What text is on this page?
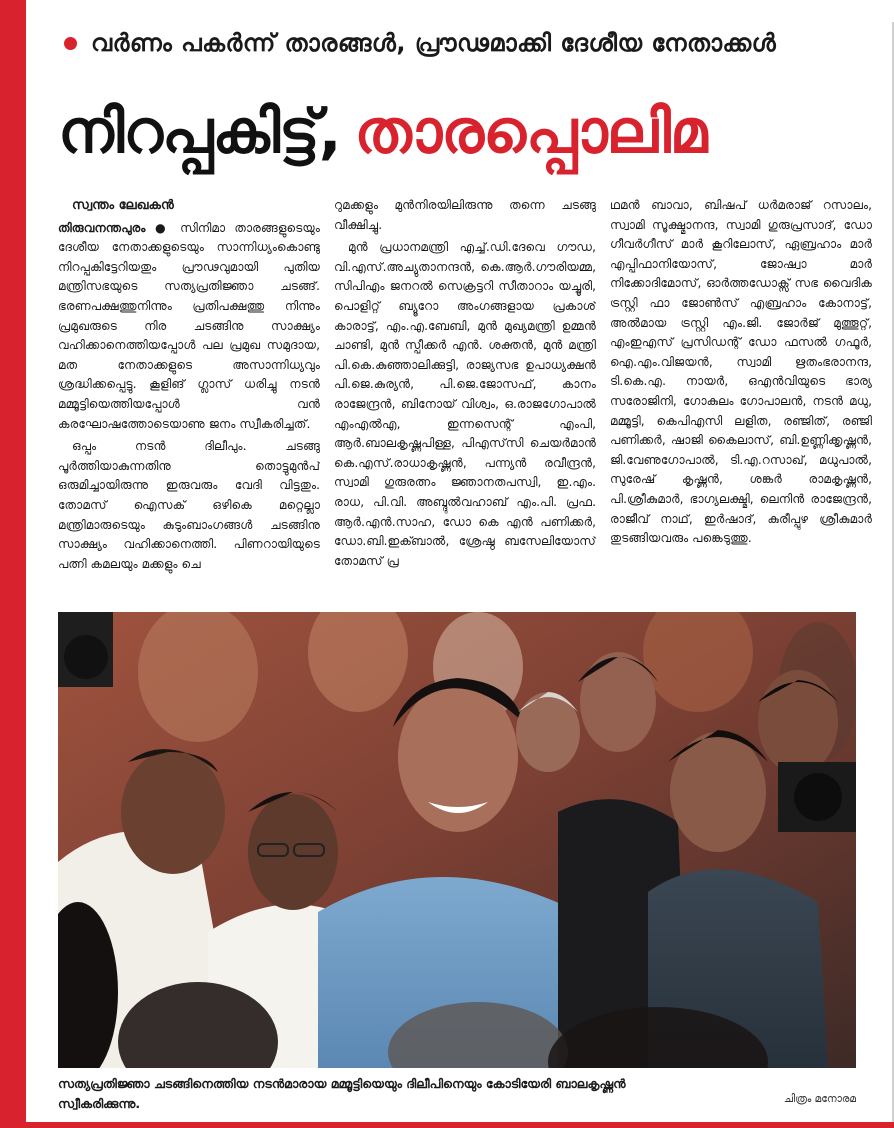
വർണം പകർന്ന് താരങ്ങൾ, പ്രൗഢമാക്കി ദേശീയ നേതാക്കൾ
നിറപ്പകിട്ട്, താരപ്പൊലിമ

സ്വന്തം ലേഖകൻ

തിരുവനന്തപുരം ● സിനിമാ താരങ്ങളുടെയും ദേശീയ നേതാക്കളുടെയും സാന്നിധ്യംകൊണ്ടു നിറപ്പകിട്ടേറിയതും പ്രൗഢവുമായി പുതിയ മന്ത്രിസഭയുടെ സത്യപ്രതിജ്ഞാ ചടങ്ങ്. ഭരണപക്ഷത്തുനിന്നും പ്രതിപക്ഷത്തു നിന്നും പ്രമുഖരുടെ നിര ചടങ്ങിനു സാക്ഷ്യം വഹിക്കാനെത്തിയപ്പോൾ പല പ്രമുഖ സമുദായ, മത നേതാക്കളുടെ അസാന്നിധ്യവും ശ്രദ്ധിക്കപ്പെട്ടു. കൂളിങ് ഗ്ലാസ് ധരിച്ചു നടൻ മമ്മൂട്ടിയെത്തിയപ്പോൾ വൻ കരഘോഷത്തോടെയാണു ജനം സ്വീകരിച്ചത്.

ഒപ്പം നടൻ ദിലീപും. ചടങ്ങു പൂർത്തിയാകുന്നതിനു തൊട്ടുമുൻപ് ഒരുമിച്ചായിരുന്നു ഇരുവരും വേദി വിട്ടതും. തോമസ് ഐസക് ഒഴികെ മറ്റെല്ലാ മന്ത്രിമാരുടെയും കുടുംബാംഗങ്ങൾ ചടങ്ങിനു സാക്ഷ്യം വഹിക്കാനെത്തി. പിണറായിയുടെ പത്നി കമലയും മക്കളും ചെ

റുമക്കളും മുൻനിരയിലിരുന്നു തന്നെ ചടങ്ങു വീക്ഷിച്ചു.

മുൻ പ്രധാനമന്ത്രി എച്ച്.ഡി.ദേവെ ഗൗഡ, വി.എസ്.അച്യുതാനന്ദൻ, കെ.ആർ.ഗൗരിയമ്മ, സിപിഎം ജനറൽ സെക്രട്ടറി സീതാറാം യച്ചൂരി, പൊളിറ്റ് ബ്യൂറോ അംഗങ്ങളായ പ്രകാശ് കാരാട്ട്, എം.എ.ബേബി, മുൻ മുഖ്യമന്ത്രി ഉമ്മൻ ചാണ്ടി, മുൻ സ്പീക്കർ എൻ. ശക്തൻ, മുൻ മന്ത്രി പി.കെ.കുഞ്ഞാലിക്കുട്ടി, രാജ്യസഭ ഉപാധ്യക്ഷൻ പി.ജെ.കുര്യൻ, പി.ജെ.ജോസഫ്, കാനം രാജേന്ദ്രൻ, ബിനോയ് വിശ്വം, ഒ.രാജഗോപാൽ എംഎൽഎ, ഇന്നസെന്റ് എംപി, ആർ.ബാലകൃഷ്ണപിള്ള, പിഎസ്‌സി ചെയർമാൻ കെ.എസ്.രാധാകൃഷ്ണൻ, പന്ന്യൻ രവീന്ദ്രൻ, സ്വാമി ഗുരുരത്നം ജ്ഞാനതപസ്വി, ഇ.എം. രാധ, പി.വി. അബ്ദുൽവഹാബ് എം.പി. പ്രഫ. ആർ.എൻ.സാഹ, ഡോ കെ എൻ പണിക്കർ, ഡോ.ബി.ഇക്ബാൽ, ശ്രേഷ്ഠ ബസേലിയോസ് തോമസ് പ്ര

ഥമൻ ബാവാ, ബിഷപ് ധർമരാജ് റസാലം, സ്വാമി സൂക്ഷ്മാനന്ദ, സ്വാമി ഗുരുപ്രസാദ്, ഡോ ഗീവർഗീസ് മാർ കൂറിലോസ്, ഏബ്രഹാം മാർ എപ്പിഫാനിയോസ്, ജോഷ്വാ മാർ നിക്കോദിമോസ്, ഓർത്തഡോക്സ് സഭ വൈദിക ട്രസ്റ്റി ഫാ ജോൺസ് എബ്രഹാം കോനാട്ട്, അൽമായ ട്രസ്റ്റി എം.ജി. ജോർജ് മുത്തൂറ്റ്, എംഇഎസ് പ്രസിഡന്റ് ഡോ ഫസൽ ഗഫൂർ, ഐ.എം.വിജയൻ, സ്വാമി ഋതംഭരാനന്ദ, ടി.കെ.എ. നായർ, ഒഎൻവിയുടെ ഭാര്യ സരോജിനി, ഗോകുലം ഗോപാലൻ, നടൻ മധു, മമ്മൂട്ടി, കെപിഎസി ലളിത, രഞ്ജിത്, രഞ്ജി പണിക്കർ, ഷാജി കൈലാസ്, ബി.ഉണ്ണിക്കൃഷ്ണൻ, ജി.വേണുഗോപാൽ, ടി.എ.റസാഖ്, മധുപാൽ, സുരേഷ് കൃഷ്ണൻ, ശങ്കർ രാമകൃഷ്ണൻ, പി.ശ്രീകുമാർ, ഭാഗ്യലക്ഷ്മി, ലെനിൻ രാജേന്ദ്രൻ, രാജീവ് നാഥ്, ഇർഷാദ്, കുരീപ്പുഴ ശ്രീകുമാർ തുടങ്ങിയവരും പങ്കെടുത്തു.

സത്യപ്രതിജ്ഞാ ചടങ്ങിനെത്തിയ നടൻമാരായ മമ്മൂട്ടിയെയും ദിലീപിനെയും കോടിയേരി ബാലകൃഷ്ണൻ സ്വീകരിക്കുന്നു.	ചിത്രം മനോരമ
